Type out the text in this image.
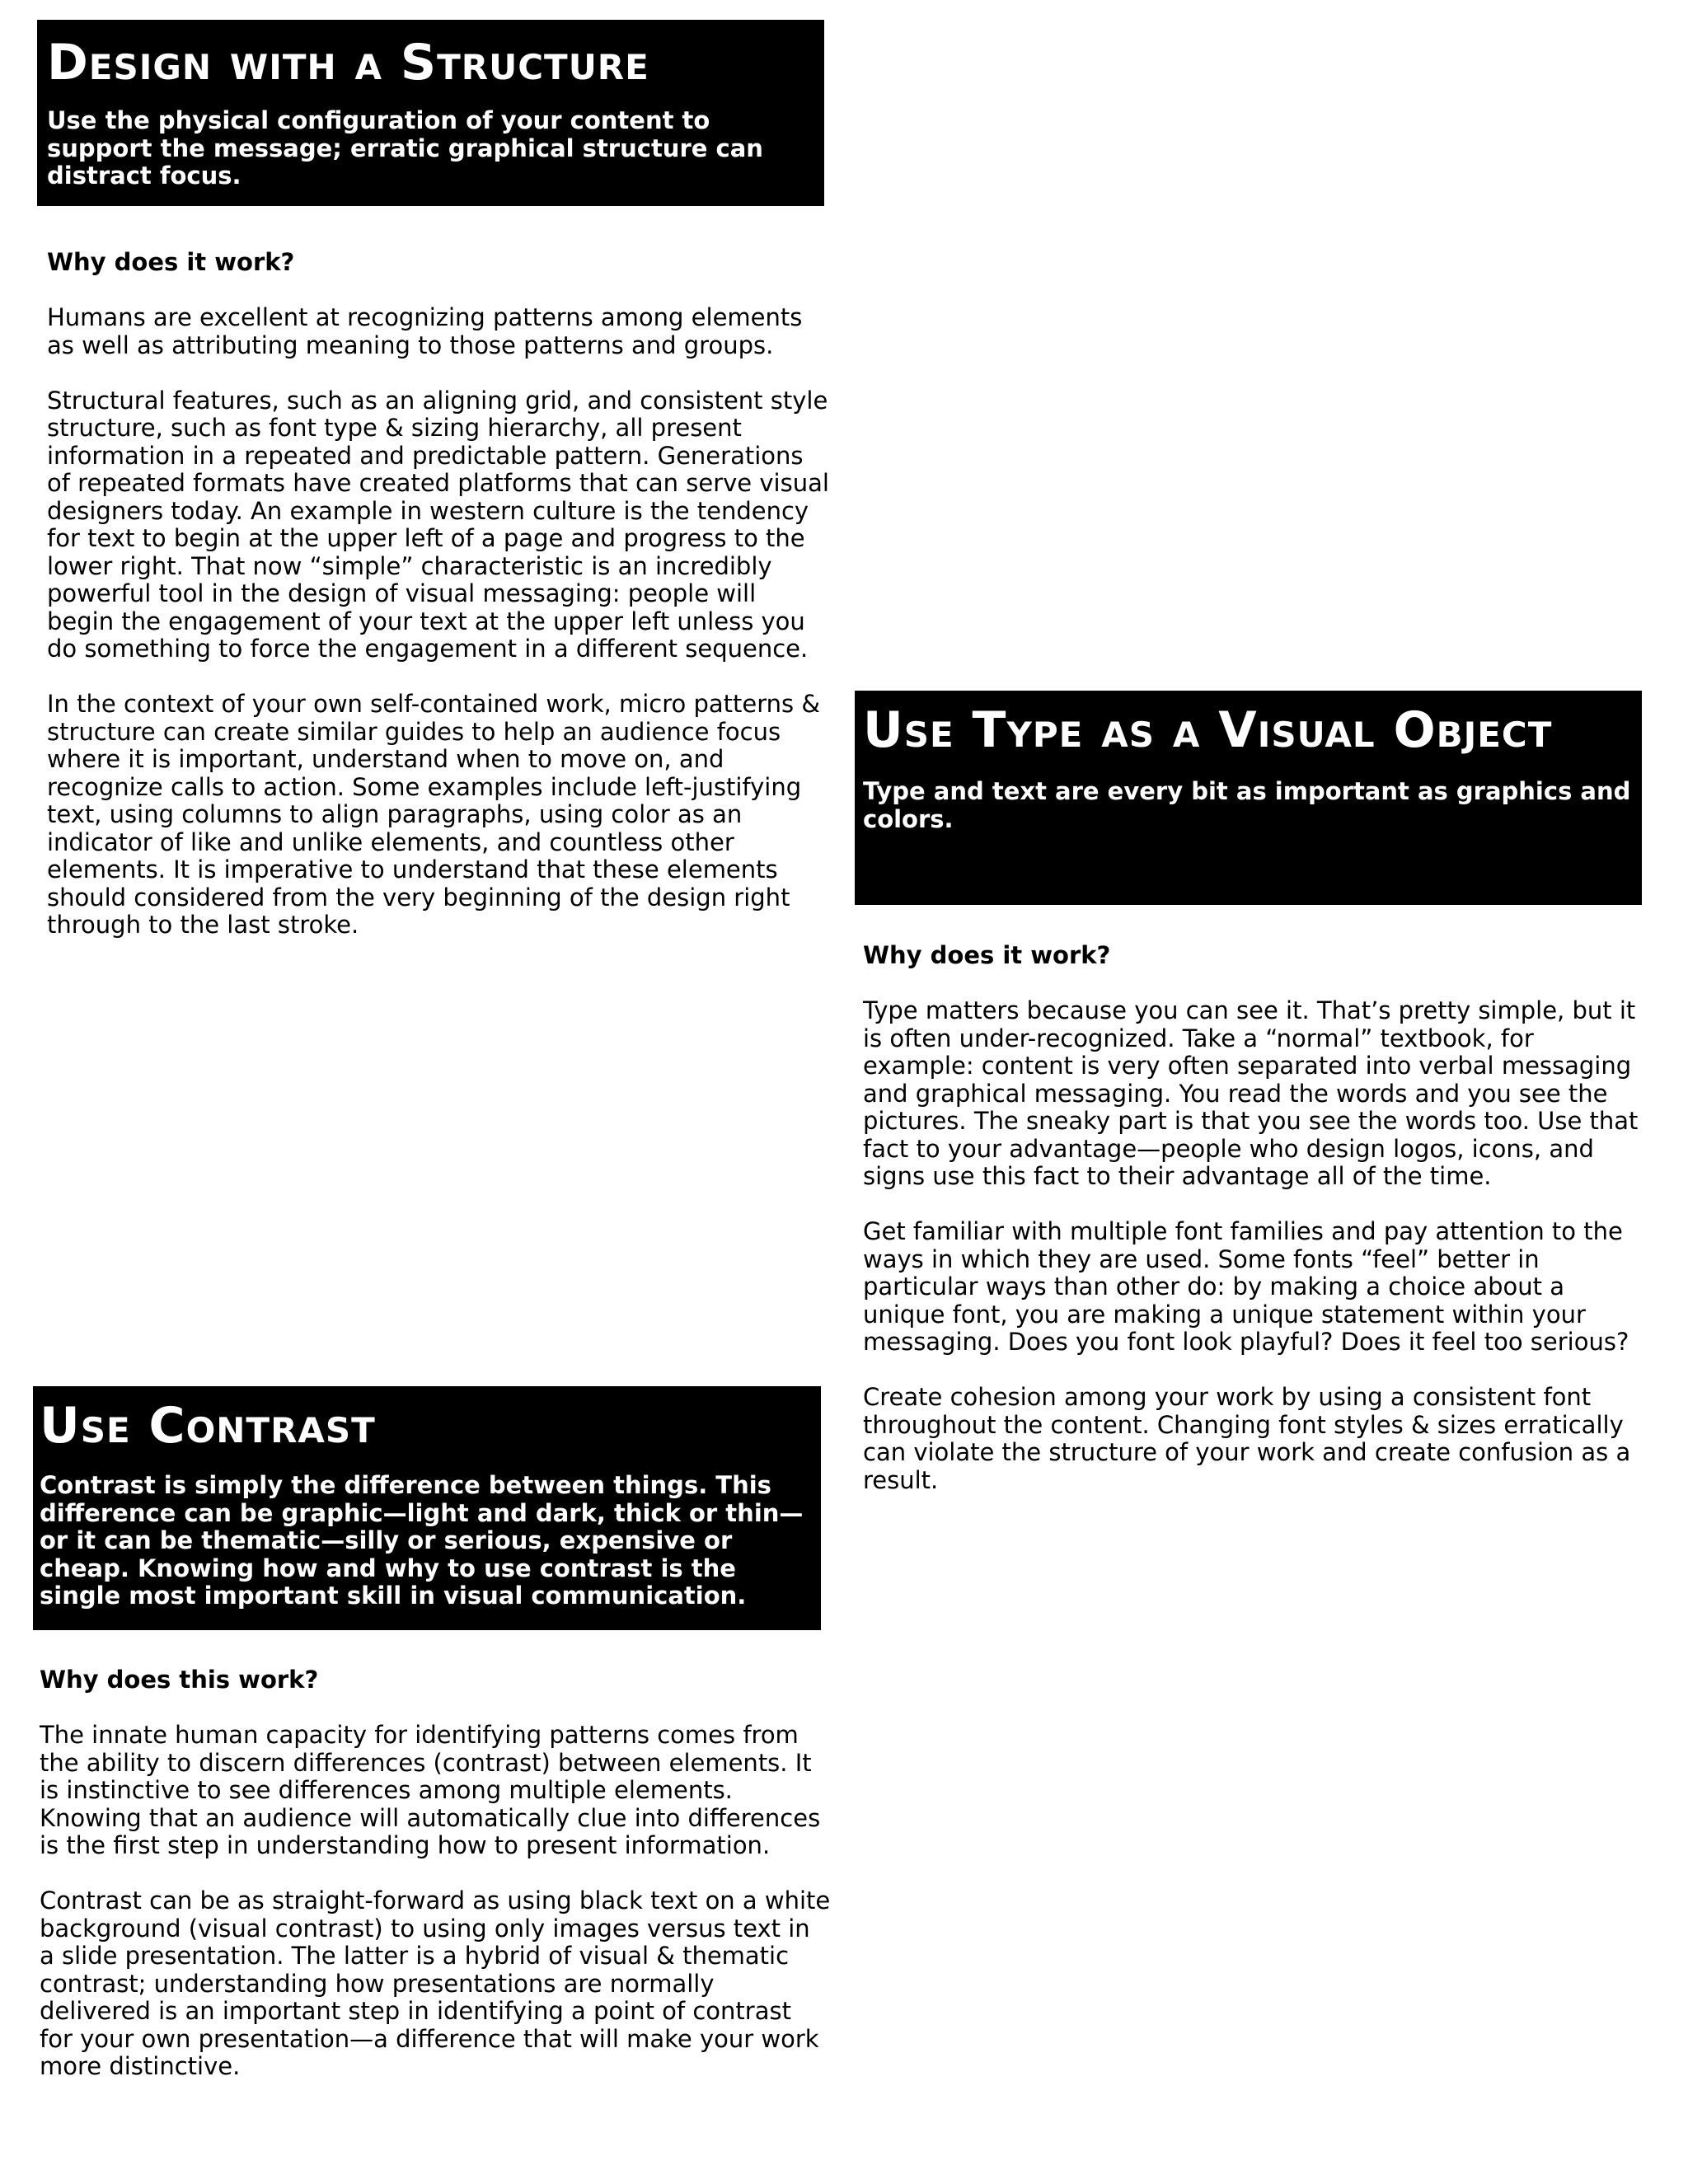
Design with a Structure
Use the physical configuration of your content to support the message; erratic graphical structure can distract focus.
Why does it work?
Humans are excellent at recognizing patterns among elements as well as attributing meaning to those patterns and groups.
Structural features, such as an aligning grid, and consistent style structure, such as font type & sizing hierarchy, all present information in a repeated and predictable pattern. Generations of repeated formats have created platforms that can serve visual designers today. An example in western culture is the tendency for text to begin at the upper left of a page and progress to the lower right. That now “simple” characteristic is an incredibly powerful tool in the design of visual messaging: people will begin the engagement of your text at the upper left unless you do something to force the engagement in a different sequence.
In the context of your own self-contained work, micro patterns & structure can create similar guides to help an audience focus where it is important, understand when to move on, and recognize calls to action. Some examples include left-justifying text, using columns to align paragraphs, using color as an indicator of like and unlike elements, and countless other elements. It is imperative to understand that these elements should considered from the very beginning of the design right through to the last stroke.
Use Type as a Visual Object
Type and text are every bit as important as graphics and colors.
Why does it work?
Type matters because you can see it. That’s pretty simple, but it is often under-recognized. Take a “normal” textbook, for example: content is very often separated into verbal messaging and graphical messaging. You read the words and you see the pictures. The sneaky part is that you see the words too. Use that fact to your advantage—people who design logos, icons, and signs use this fact to their advantage all of the time.
Get familiar with multiple font families and pay attention to the ways in which they are used. Some fonts “feel” better in particular ways than other do: by making a choice about a unique font, you are making a unique statement within your messaging. Does you font look playful? Does it feel too serious?
Create cohesion among your work by using a consistent font throughout the content. Changing font styles & sizes erratically can violate the structure of your work and create confusion as a result.
Use Contrast
Contrast is simply the difference between things. This difference can be graphic—light and dark, thick or thin—or it can be thematic—silly or serious, expensive or cheap. Knowing how and why to use contrast is the single most important skill in visual communication.
Why does this work?
The innate human capacity for identifying patterns comes from the ability to discern differences (contrast) between elements. It is instinctive to see differences among multiple elements. Knowing that an audience will automatically clue into differences is the first step in understanding how to present information.
Contrast can be as straight-forward as using black text on a white background (visual contrast) to using only images versus text in a slide presentation. The latter is a hybrid of visual & thematic contrast; understanding how presentations are normally delivered is an important step in identifying a point of contrast for your own presentation—a difference that will make your work more distinctive.
